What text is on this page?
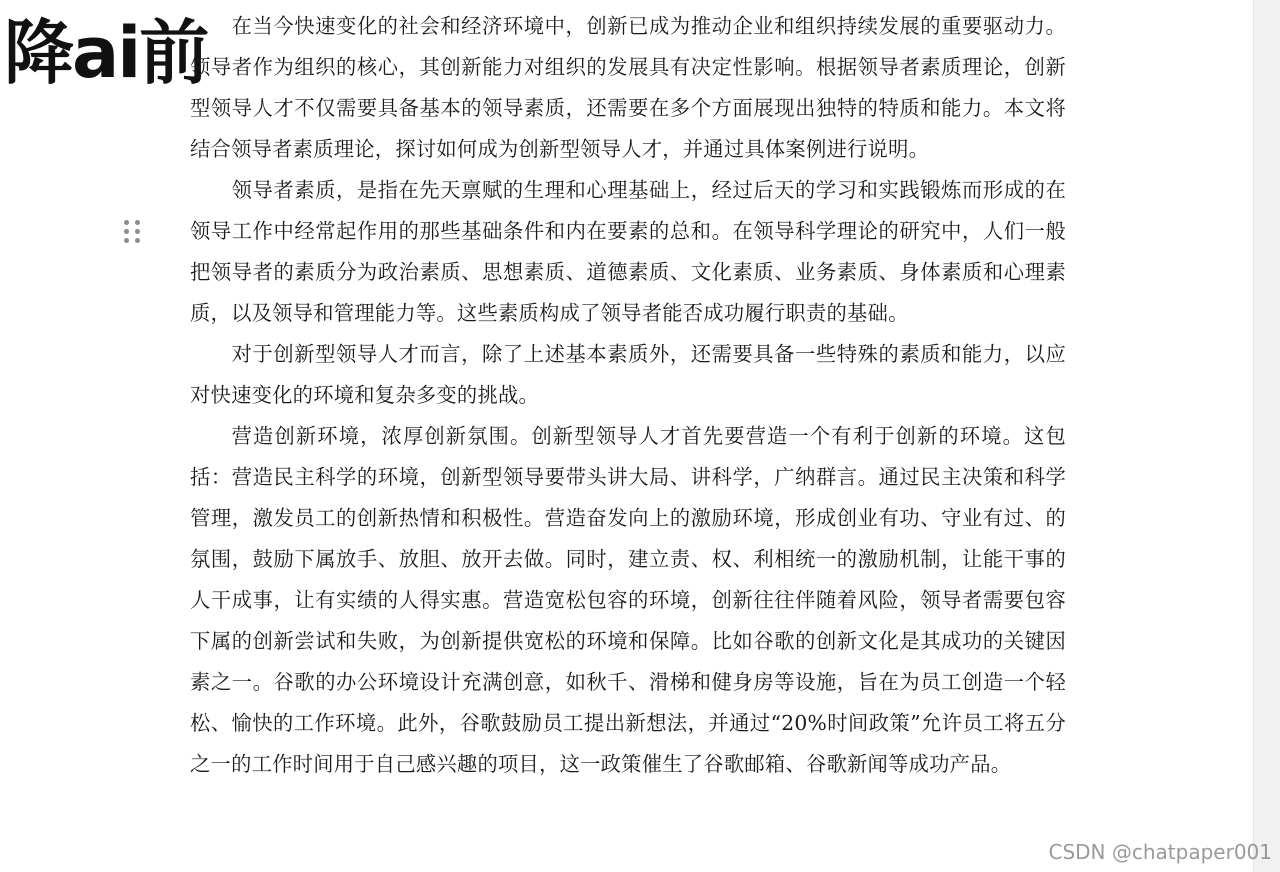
降ai前	在当今快速变化的社会和经济环境中，创新已成为推动企业和组织持续发展的重要驱动力。领导者作为组织的核心，其创新能力对组织的发展具有决定性影响。根据领导者素质理论，创新型领导人才不仅需要具备基本的领导素质，还需要在多个方面展现出独特的特质和能力。本文将结合领导者素质理论，探讨如何成为创新型领导人才，并通过具体案例进行说明。

领导者素质，是指在先天禀赋的生理和心理基础上，经过后天的学习和实践锻炼而形成的在领导工作中经常起作用的那些基础条件和内在要素的总和。在领导科学理论的研究中，人们一般把领导者的素质分为政治素质、思想素质、道德素质、文化素质、业务素质、身体素质和心理素质，以及领导和管理能力等。这些素质构成了领导者能否成功履行职责的基础。

对于创新型领导人才而言，除了上述基本素质外，还需要具备一些特殊的素质和能力，以应对快速变化的环境和复杂多变的挑战。

营造创新环境，浓厚创新氛围。创新型领导人才首先要营造一个有利于创新的环境。这包括：营造民主科学的环境，创新型领导要带头讲大局、讲科学，广纳群言。通过民主决策和科学管理，激发员工的创新热情和积极性。营造奋发向上的激励环境，形成创业有功、守业有过、的氛围，鼓励下属放手、放胆、放开去做。同时，建立责、权、利相统一的激励机制，让能干事的人干成事，让有实绩的人得实惠。营造宽松包容的环境，创新往往伴随着风险，领导者需要包容下属的创新尝试和失败，为创新提供宽松的环境和保障。比如谷歌的创新文化是其成功的关键因素之一。谷歌的办公环境设计充满创意，如秋千、滑梯和健身房等设施，旨在为员工创造一个轻松、愉快的工作环境。此外，谷歌鼓励员工提出新想法，并通过“20%时间政策”允许员工将五分之一的工作时间用于自己感兴趣的项目，这一政策催生了谷歌邮箱、谷歌新闻等成功产品。

CSDN @chatpaper001
